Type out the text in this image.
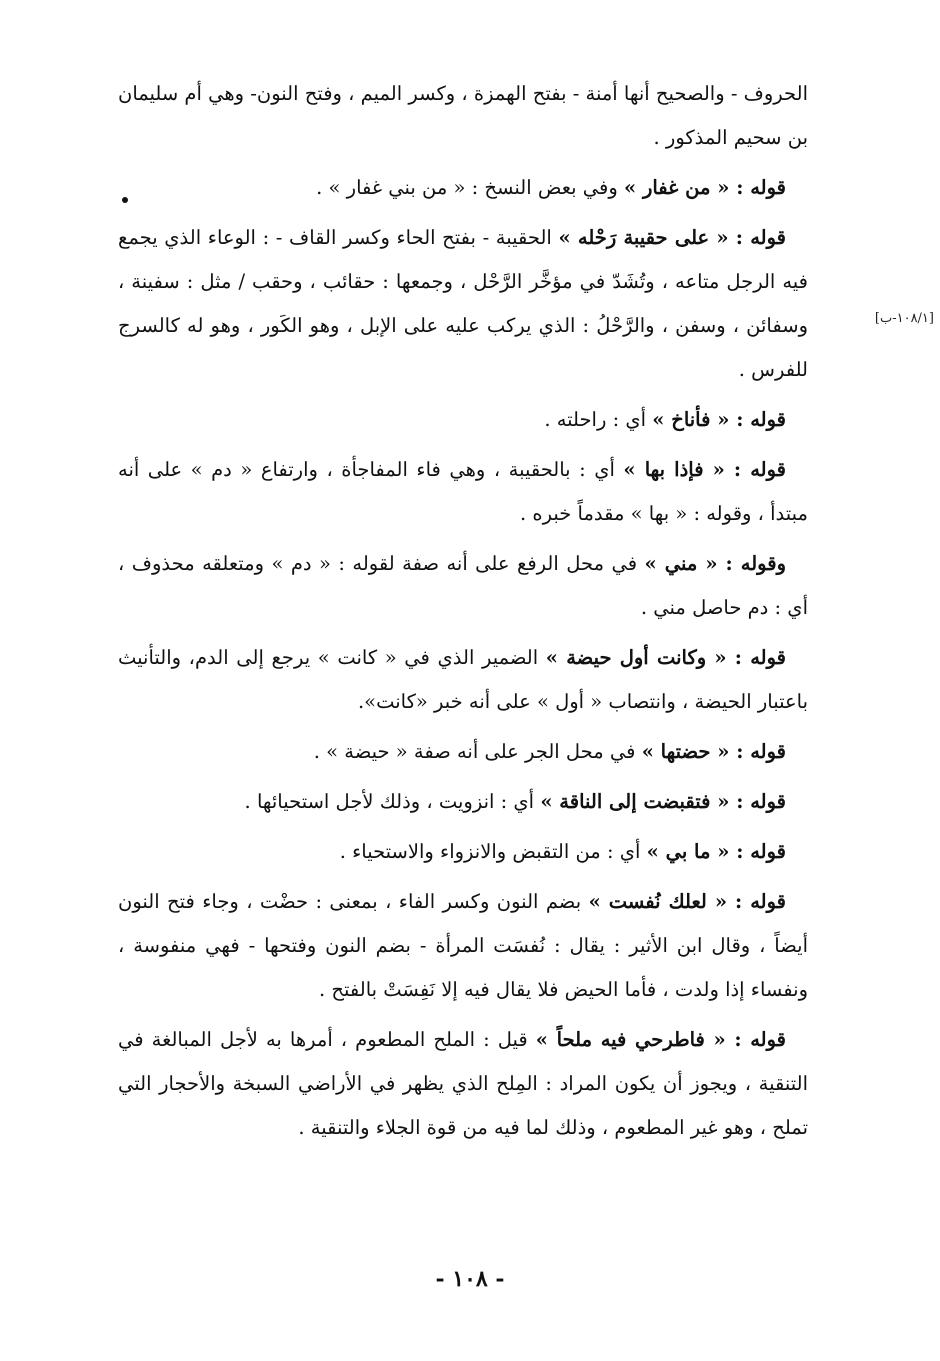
الحروف - والصحيح أنها أمنة - بفتح الهمزة ، وكسر الميم ، وفتح النون- وهي أم سليمان بن سحيم المذكور .

قوله : « من غفار » وفي بعض النسخ : « من بني غفار » .

قوله : « على حقيبة رَحْله » الحقيبة - بفتح الحاء وكسر القاف - : الوعاء الذي يجمع فيه الرجل متاعه ، وتُشَدّ في مؤخَّر الرَّحْل ، وجمعها : حقائب ، وحقب / مثل : سفينة ، وسفائن ، وسفن ، والرَّحْلُ : الذي يركب عليه على الإبل ، وهو الكَور ، وهو له كالسرج للفرس .

قوله : « فأناخ » أي : راحلته .

قوله : « فإذا بها » أي : بالحقيبة ، وهي فاء المفاجأة ، وارتفاع « دم » على أنه مبتدأ ، وقوله : « بها » مقدماً خبره .

وقوله : « مني » في محل الرفع على أنه صفة لقوله : « دم » ومتعلقه محذوف ، أي : دم حاصل مني .

قوله : « وكانت أول حيضة » الضمير الذي في « كانت » يرجع إلى الدم، والتأنيث باعتبار الحيضة ، وانتصاب « أول » على أنه خبر «كانت».

قوله : « حضتها » في محل الجر على أنه صفة « حيضة » .

قوله : « فتقبضت إلى الناقة » أي : انزويت ، وذلك لأجل استحيائها .

قوله : « ما بي » أي : من التقبض والانزواء والاستحياء .

قوله : « لعلك نُفست » بضم النون وكسر الفاء ، بمعنى : حضْت ، وجاء فتح النون أيضاً ، وقال ابن الأثير : يقال : نُفسَت المرأة - بضم النون وفتحها - فهي منفوسة ، ونفساء إذا ولدت ، فأما الحيض فلا يقال فيه إلا نَفِسَتْ بالفتح .

قوله : « فاطرحي فيه ملحاً » قيل : الملح المطعوم ، أمرها به لأجل المبالغة في التنقية ، ويجوز أن يكون المراد : المِلح الذي يظهر في الأراضي السبخة والأحجار التي تملح ، وهو غير المطعوم ، وذلك لما فيه من قوة الجلاء والتنقية .

[١٠٨/١-ب]
- ١٠٨ -
